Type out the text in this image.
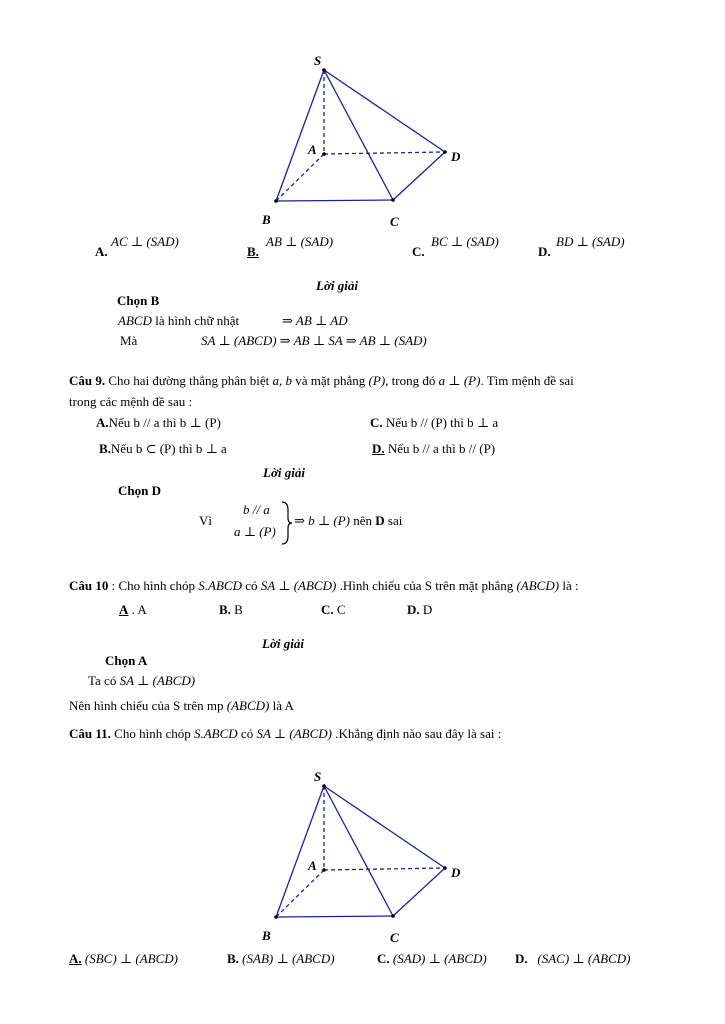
S
A
B	C
D
A.
AC ⊥ (SAD)
B.
AB ⊥ (SAD)
C.
BC ⊥ (SAD)
D.
BD ⊥ (SAD)
Lời giải
Chọn B
ABCD là hình chữ nhật	⇒ AB ⊥ AD
Mà	SA ⊥ (ABCD) ⇒ AB ⊥ SA ⇒ AB ⊥ (SAD)
Câu 9. Cho hai đường thẳng phân biệt a, b và mặt phẳng (P), trong đó a ⊥ (P). Tìm mệnh đề sai
trong các mệnh đề sau :
A.Nếu b // a thì b ⊥ (P)	C. Nếu b // (P) thì b ⊥ a
B.Nếu b ⊂ (P) thì b ⊥ a	D. Nếu b // a thì b // (P)
Lời giải
Chọn D
Vì
b // a
a ⊥ (P)
⇒ b ⊥ (P) nên D sai
Câu 10 : Cho hình chóp S.ABCD có SA ⊥ (ABCD) .Hình chiếu của S trên mặt phẳng (ABCD) là :
A . A	B. B	C. C	D. D
Lời giải
Chọn A
Ta có SA ⊥ (ABCD)
Nên hình chiếu của S trên mp (ABCD) là A
Câu 11. Cho hình chóp S.ABCD có SA ⊥ (ABCD) .Khẳng định nào sau đây là sai :
S
A
B	C
D
A. (SBC) ⊥ (ABCD)	B. (SAB) ⊥ (ABCD)	C. (SAD) ⊥ (ABCD) D. (SAC) ⊥ (ABCD)
